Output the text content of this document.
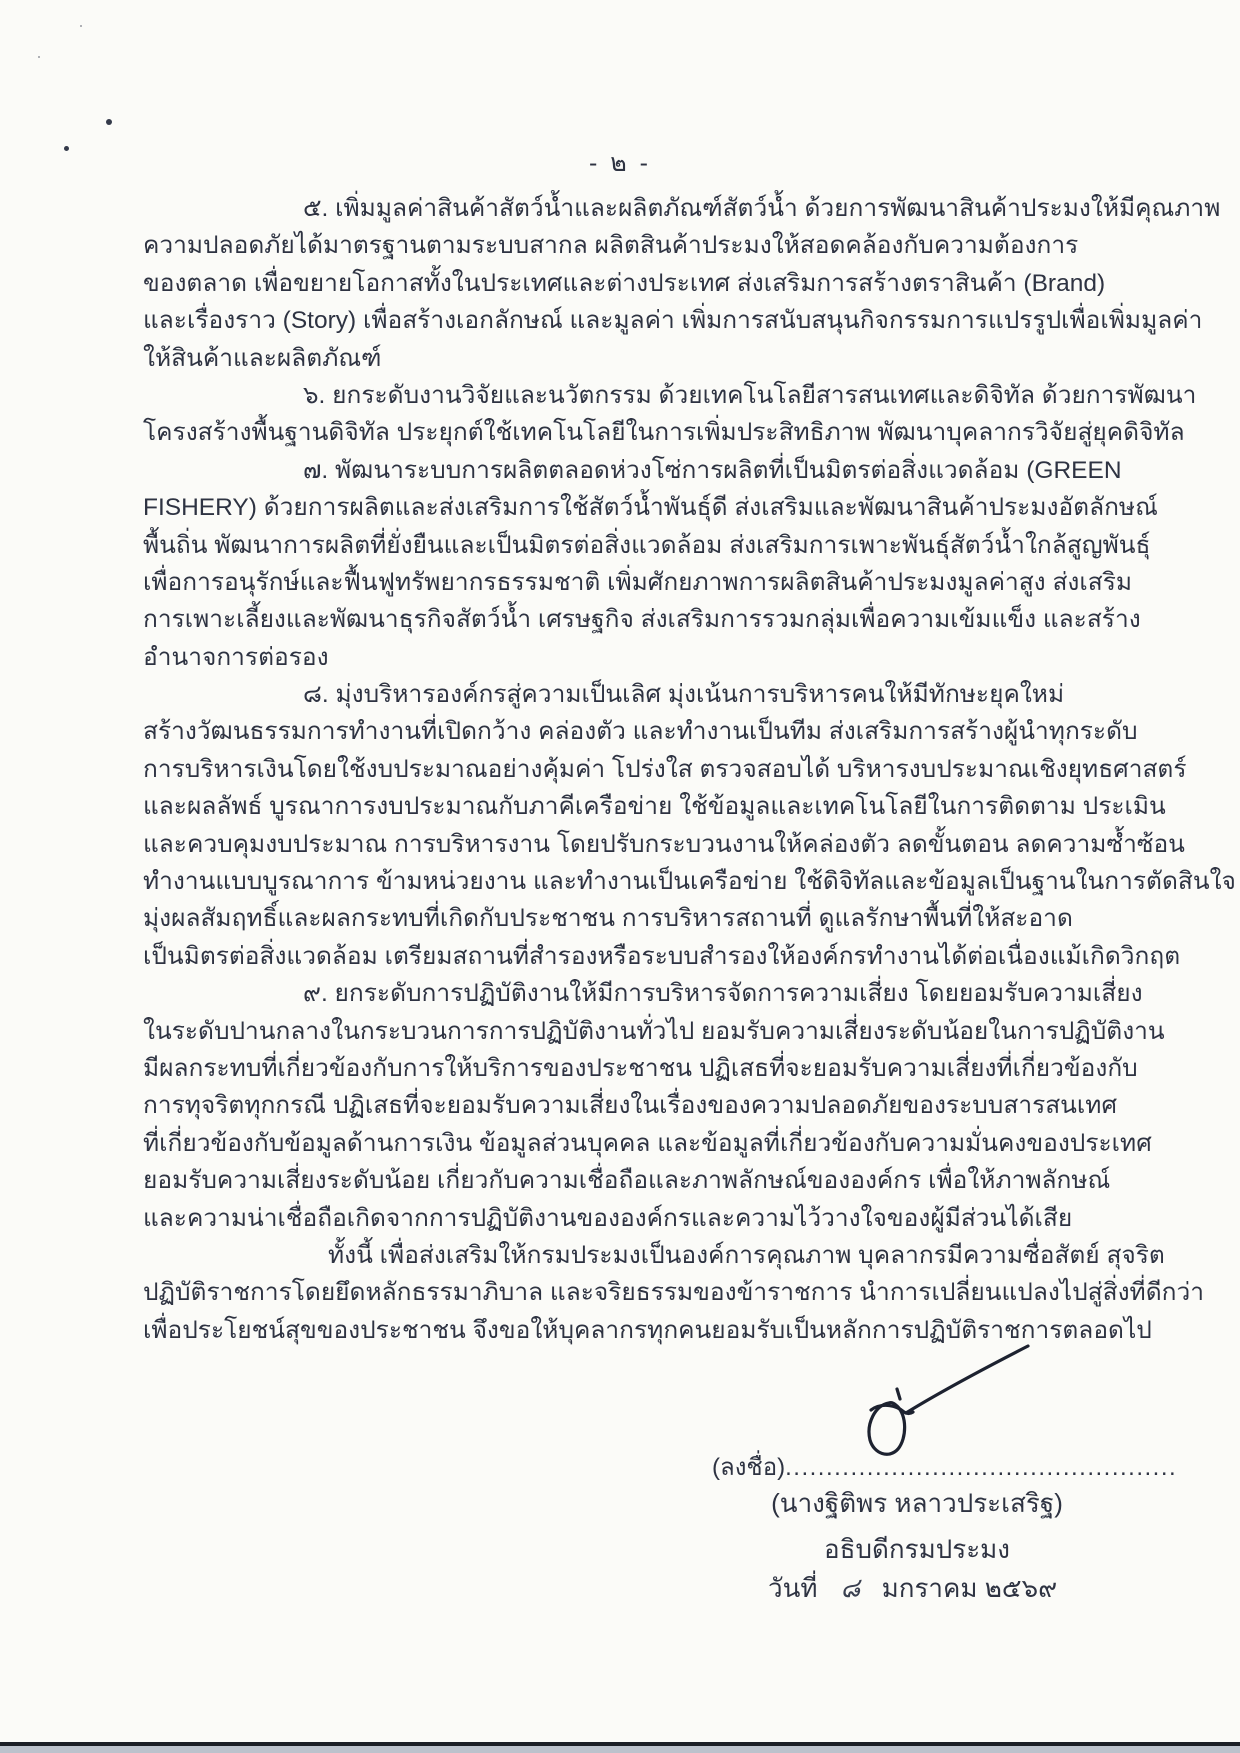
- ๒ -
๕. เพิ่มมูลค่าสินค้าสัตว์น้ำและผลิตภัณฑ์สัตว์น้ำ ด้วยการพัฒนาสินค้าประมงให้มีคุณภาพ
ความปลอดภัยได้มาตรฐานตามระบบสากล ผลิตสินค้าประมงให้สอดคล้องกับความต้องการ
ของตลาด เพื่อขยายโอกาสทั้งในประเทศและต่างประเทศ ส่งเสริมการสร้างตราสินค้า (Brand)
และเรื่องราว (Story) เพื่อสร้างเอกลักษณ์ และมูลค่า เพิ่มการสนับสนุนกิจกรรมการแปรรูปเพื่อเพิ่มมูลค่า
ให้สินค้าและผลิตภัณฑ์
๖. ยกระดับงานวิจัยและนวัตกรรม ด้วยเทคโนโลยีสารสนเทศและดิจิทัล ด้วยการพัฒนา
โครงสร้างพื้นฐานดิจิทัล ประยุกต์ใช้เทคโนโลยีในการเพิ่มประสิทธิภาพ พัฒนาบุคลากรวิจัยสู่ยุคดิจิทัล
๗. พัฒนาระบบการผลิตตลอดห่วงโซ่การผลิตที่เป็นมิตรต่อสิ่งแวดล้อม (GREEN
FISHERY) ด้วยการผลิตและส่งเสริมการใช้สัตว์น้ำพันธุ์ดี ส่งเสริมและพัฒนาสินค้าประมงอัตลักษณ์
พื้นถิ่น พัฒนาการผลิตที่ยั่งยืนและเป็นมิตรต่อสิ่งแวดล้อม ส่งเสริมการเพาะพันธุ์สัตว์น้ำใกล้สูญพันธุ์
เพื่อการอนุรักษ์และฟื้นฟูทรัพยากรธรรมชาติ เพิ่มศักยภาพการผลิตสินค้าประมงมูลค่าสูง ส่งเสริม
การเพาะเลี้ยงและพัฒนาธุรกิจสัตว์น้ำ เศรษฐกิจ ส่งเสริมการรวมกลุ่มเพื่อความเข้มแข็ง และสร้าง
อำนาจการต่อรอง
๘. มุ่งบริหารองค์กรสู่ความเป็นเลิศ มุ่งเน้นการบริหารคนให้มีทักษะยุคใหม่
สร้างวัฒนธรรมการทำงานที่เปิดกว้าง คล่องตัว และทำงานเป็นทีม ส่งเสริมการสร้างผู้นำทุกระดับ
การบริหารเงินโดยใช้งบประมาณอย่างคุ้มค่า โปร่งใส ตรวจสอบได้ บริหารงบประมาณเชิงยุทธศาสตร์
และผลลัพธ์ บูรณาการงบประมาณกับภาคีเครือข่าย ใช้ข้อมูลและเทคโนโลยีในการติดตาม ประเมิน
และควบคุมงบประมาณ การบริหารงาน โดยปรับกระบวนงานให้คล่องตัว ลดขั้นตอน ลดความซ้ำซ้อน
ทำงานแบบบูรณาการ ข้ามหน่วยงาน และทำงานเป็นเครือข่าย ใช้ดิจิทัลและข้อมูลเป็นฐานในการตัดสินใจ
มุ่งผลสัมฤทธิ์และผลกระทบที่เกิดกับประชาชน การบริหารสถานที่ ดูแลรักษาพื้นที่ให้สะอาด
เป็นมิตรต่อสิ่งแวดล้อม เตรียมสถานที่สำรองหรือระบบสำรองให้องค์กรทำงานได้ต่อเนื่องแม้เกิดวิกฤต
๙. ยกระดับการปฏิบัติงานให้มีการบริหารจัดการความเสี่ยง โดยยอมรับความเสี่ยง
ในระดับปานกลางในกระบวนการการปฏิบัติงานทั่วไป ยอมรับความเสี่ยงระดับน้อยในการปฏิบัติงาน
มีผลกระทบที่เกี่ยวข้องกับการให้บริการของประชาชน ปฏิเสธที่จะยอมรับความเสี่ยงที่เกี่ยวข้องกับ
การทุจริตทุกกรณี ปฏิเสธที่จะยอมรับความเสี่ยงในเรื่องของความปลอดภัยของระบบสารสนเทศ
ที่เกี่ยวข้องกับข้อมูลด้านการเงิน ข้อมูลส่วนบุคคล และข้อมูลที่เกี่ยวข้องกับความมั่นคงของประเทศ
ยอมรับความเสี่ยงระดับน้อย เกี่ยวกับความเชื่อถือและภาพลักษณ์ขององค์กร เพื่อให้ภาพลักษณ์
และความน่าเชื่อถือเกิดจากการปฏิบัติงานขององค์กรและความไว้วางใจของผู้มีส่วนได้เสีย
ทั้งนี้ เพื่อส่งเสริมให้กรมประมงเป็นองค์การคุณภาพ บุคลากรมีความซื่อสัตย์ สุจริต
ปฏิบัติราชการโดยยึดหลักธรรมาภิบาล และจริยธรรมของข้าราชการ นำการเปลี่ยนแปลงไปสู่สิ่งที่ดีกว่า
เพื่อประโยชน์สุขของประชาชน จึงขอให้บุคลากรทุกคนยอมรับเป็นหลักการปฏิบัติราชการตลอดไป
(ลงชื่อ)................................................
(นางฐิติพร หลาวประเสริฐ)
อธิบดีกรมประมง
วันที่ ๘ มกราคม ๒๕๖๙
